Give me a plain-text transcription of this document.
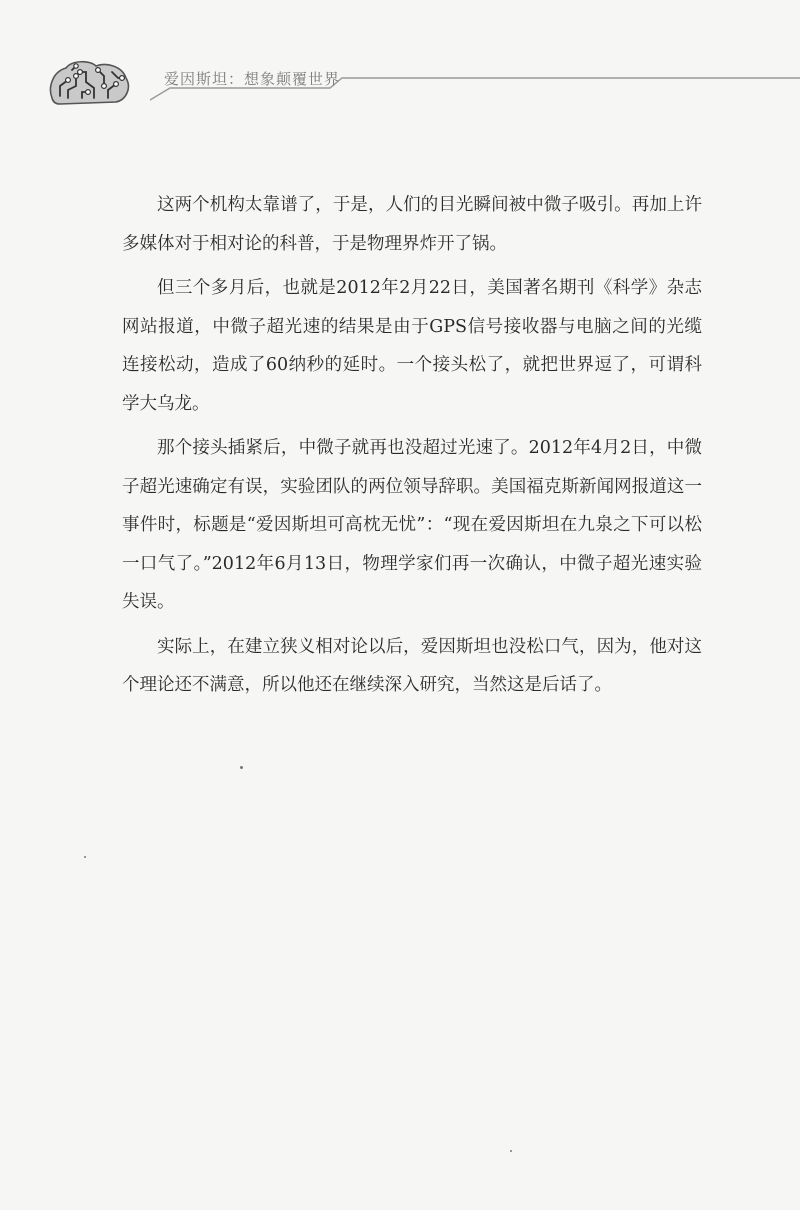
爱因斯坦：想象颠覆世界

这两个机构太靠谱了，于是，人们的目光瞬间被中微子吸引。再加上许多媒体对于相对论的科普，于是物理界炸开了锅。

但三个多月后，也就是2012年2月22日，美国著名期刊《科学》杂志网站报道，中微子超光速的结果是由于GPS信号接收器与电脑之间的光缆连接松动，造成了60纳秒的延时。一个接头松了，就把世界逗了，可谓科学大乌龙。

那个接头插紧后，中微子就再也没超过光速了。2012年4月2日，中微子超光速确定有误，实验团队的两位领导辞职。美国福克斯新闻网报道这一事件时，标题是“爱因斯坦可高枕无忧”：“现在爱因斯坦在九泉之下可以松一口气了。”2012年6月13日，物理学家们再一次确认，中微子超光速实验失误。

实际上，在建立狭义相对论以后，爱因斯坦也没松口气，因为，他对这个理论还不满意，所以他还在继续深入研究，当然这是后话了。
